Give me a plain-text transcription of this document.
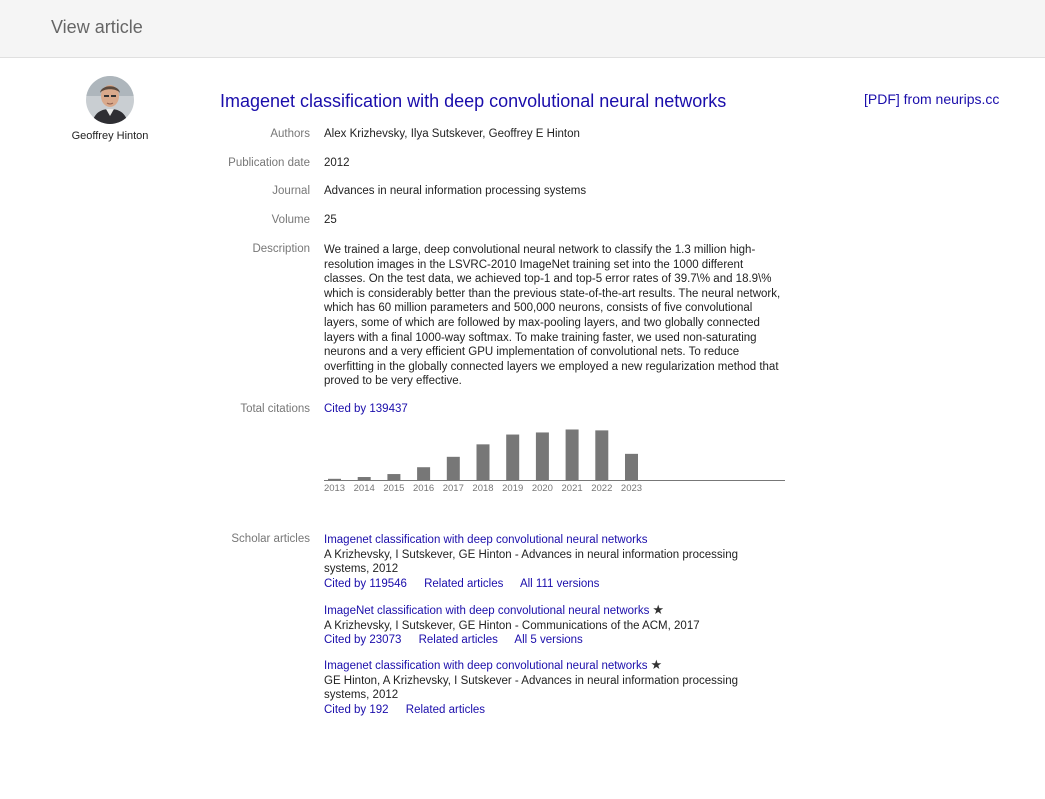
View article
Geoffrey Hinton
Imagenet classification with deep convolutional neural networks	[PDF] from neurips.cc
Authors Alex Krizhevsky, Ilya Sutskever, Geoffrey E Hinton
Publication date 2012
Journal Advances in neural information processing systems
Volume 25
Description We trained a large, deep convolutional neural network to classify the 1.3 million high-resolution images in the LSVRC-2010 ImageNet training set into the 1000 different classes. On the test data, we achieved top-1 and top-5 error rates of 39.7\% and 18.9\% which is considerably better than the previous state-of-the-art results. The neural network, which has 60 million parameters and 500,000 neurons, consists of five convolutional layers, some of which are followed by max-pooling layers, and two globally connected layers with a final 1000-way softmax. To make training faster, we used non-saturating neurons and a very efficient GPU implementation of convolutional nets. To reduce overfitting in the globally connected layers we employed a new regularization method that proved to be very effective.
Total citations Cited by 139437
2013 2014 2015 2016 2017 2018 2019 2020 2021 2022 2023
Scholar articles Imagenet classification with deep convolutional neural networks
A Krizhevsky, I Sutskever, GE Hinton - Advances in neural information processing systems, 2012
Cited by 119546 Related articles All 111 versions
ImageNet classification with deep convolutional neural networks ★
A Krizhevsky, I Sutskever, GE Hinton - Communications of the ACM, 2017
Cited by 23073 Related articles All 5 versions
Imagenet classification with deep convolutional neural networks ★
GE Hinton, A Krizhevsky, I Sutskever - Advances in neural information processing systems, 2012
Cited by 192 Related articles
